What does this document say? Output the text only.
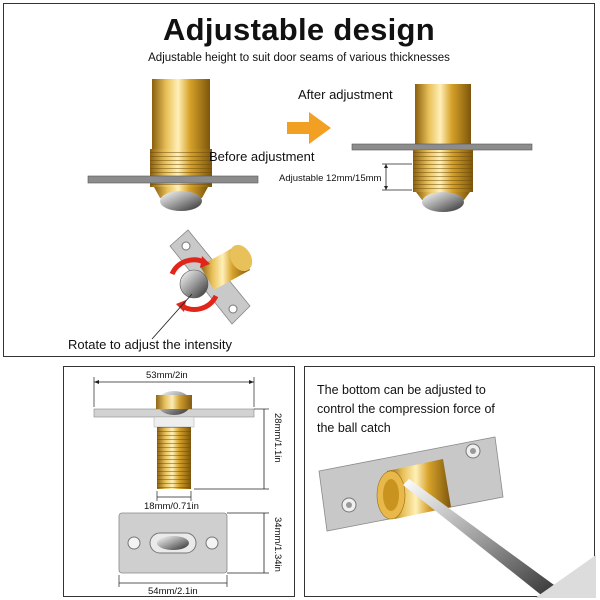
Adjustable design
Adjustable height to suit door seams of various thicknesses
Before adjustment
After adjustment
Adjustable 12mm/15mm
Rotate to adjust the intensity
53mm/2in
28mm/1.1in
18mm/0.71in
34mm/1.34in
54mm/2.1in
The bottom can be adjusted to control the compression force of the ball catch
